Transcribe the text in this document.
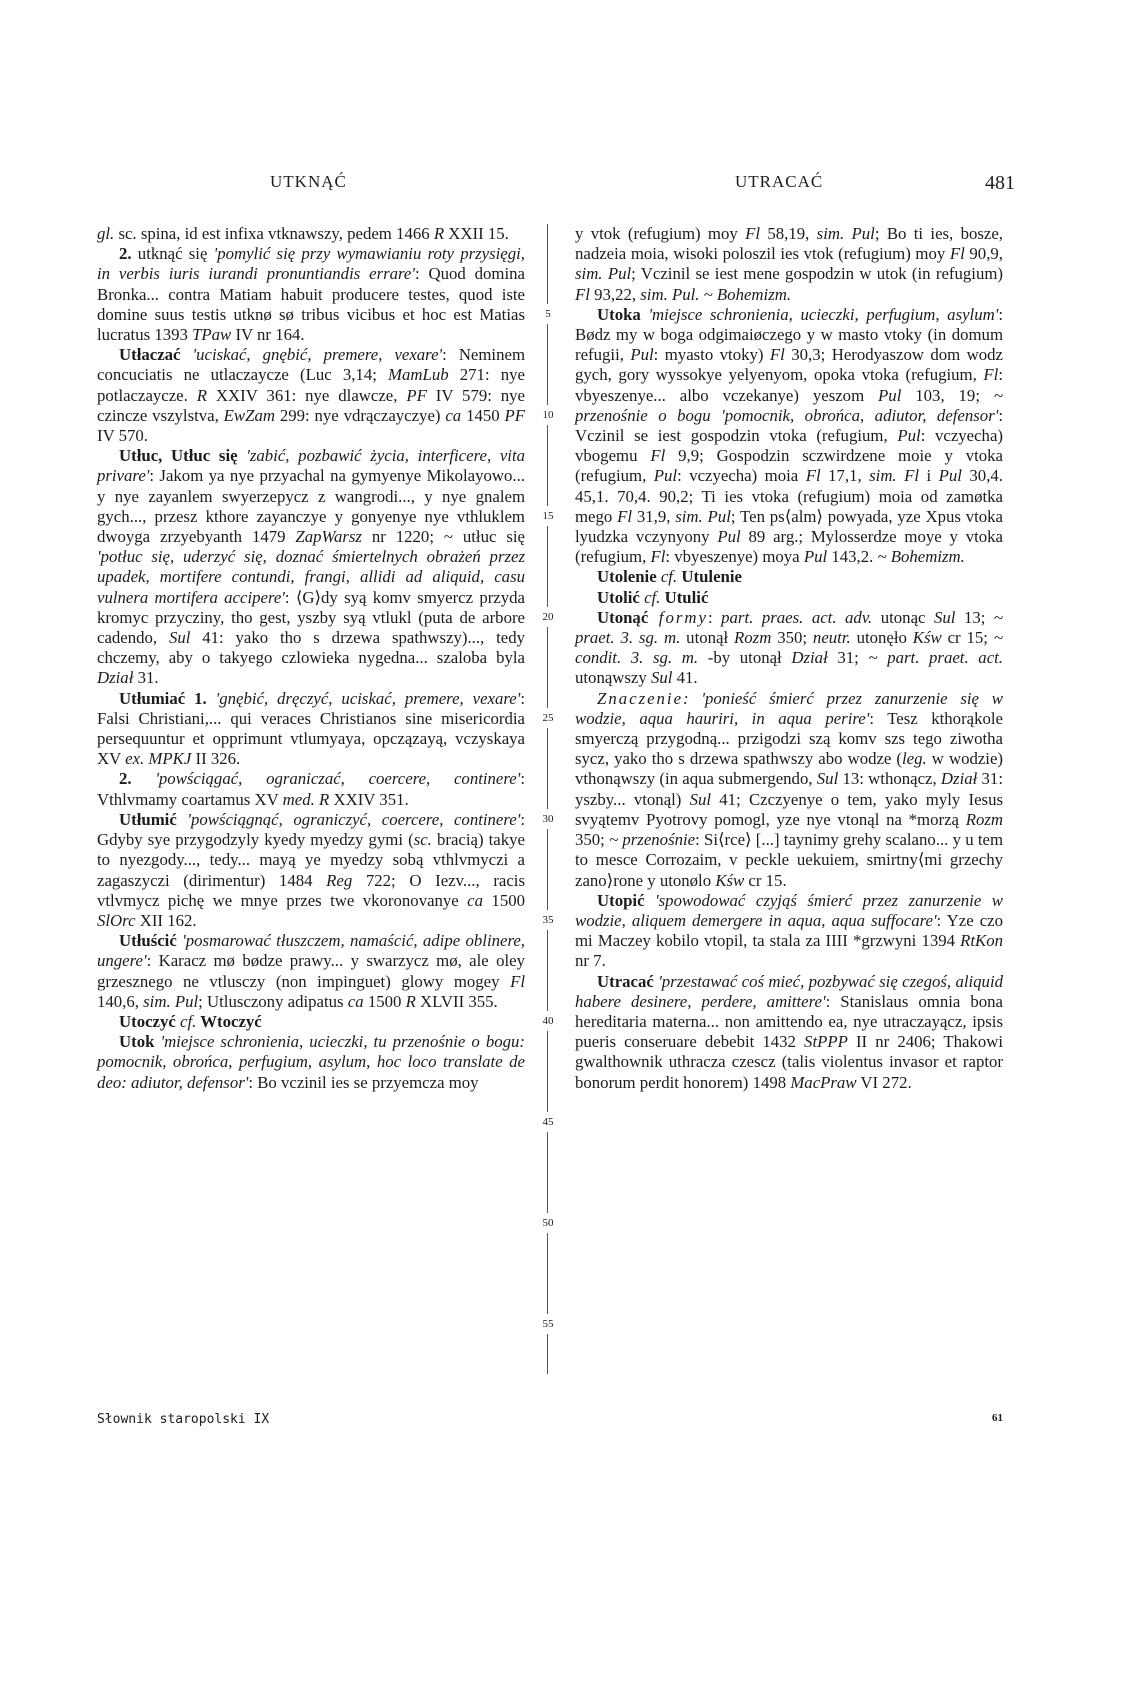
UTKNĄĆ	UTRACAĆ	481

gl. sc. spina, id est infixa vtknawszy, pedem 1466 R XXII 15.

2. utknąć się 'pomylić się przy wymawianiu roty przysięgi, in verbis iuris iurandi pronuntiandis errare': Quod domina Bronka... contra Matiam habuit producere testes, quod iste domine suus testis utknø sø tribus vicibus et hoc est Matias lucratus 1393 TPaw IV nr 164.

Utłaczać 'uciskać, gnębić, premere, vexare': Neminem concuciatis ne utlaczaycze (Luc 3,14; MamLub 271: nye potlaczaycze. R XXIV 361: nye dlawcze, PF IV 579: nye czincze vszylstva, EwZam 299: nye vdrączayczye) ca 1450 PF IV 570.

Utłuc, Utłuc się 'zabić, pozbawić życia, interficere, vita privare': Jakom ya nye przyachal na gymyenye Mikolayowo... y nye zayanlem swyerzepycz z wangrodi..., y nye gnalem gych..., przesz kthore zayanczye y gonyenye nye vthluklem dwoyga zrzyebyanth 1479 ZapWarsz nr 1220; ~ utłuc się 'potłuc się, uderzyć się, doznać śmiertelnych obrażeń przez upadek, mortifere contundi, frangi, allidi ad aliquid, casu vulnera mortifera accipere': ⟨G⟩dy syą komv smyercz przyda kromyc przycziny, tho gest, yszby syą vtlukl (puta de arbore cadendo, Sul 41: yako tho s drzewa spathwszy)..., tedy chczemy, aby o takyego czlowieka nygedna... szaloba byla Dział 31.

Utłumiać 1. 'gnębić, dręczyć, uciskać, premere, vexare': Falsi Christiani,... qui veraces Christianos sine misericordia persequuntur et opprimunt vtlumyaya, opczązayą, vczyskaya XV ex. MPKJ II 326.

2. 'powściągać, ograniczać, coercere, continere': Vthlvmamy coartamus XV med. R XXIV 351.

Utłumić 'powściągnąć, ograniczyć, coercere, continere': Gdyby sye przygodzyly kyedy myedzy gymi (sc. bracią) takye to nyezgody..., tedy... mayą ye myedzy sobą vthlvmyczi a zagaszyczi (dirimentur) 1484 Reg 722; O Iezv..., racis vtlvmycz pichę we mnye przes twe vkoronovanye ca 1500 SlOrc XII 162.

Utłuścić 'posmarować tłuszczem, namaścić, adipe oblinere, ungere': Karacz mø bødze prawy... y swarzycz mø, ale oley grzesznego ne vtlusczy (non impinguet) glowy mogey Fl 140,6, sim. Pul; Utlusczony adipatus ca 1500 R XLVII 355.

Utoczyć cf. Wtoczyć

Utok 'miejsce schronienia, ucieczki, tu przenośnie o bogu: pomocnik, obrońca, perfugium, asylum, hoc loco translate de deo: adiutor, defensor': Bo vczinil ies se przyemcza moy

5
10
15
20
25
30
35
40
45
50
55

y vtok (refugium) moy Fl 58,19, sim. Pul; Bo ti ies, bosze, nadzeia moia, wisoki poloszil ies vtok (refugium) moy Fl 90,9, sim. Pul; Vczinil se iest mene gospodzin w utok (in refugium) Fl 93,22, sim. Pul. ~ Bohemizm.

Utoka 'miejsce schronienia, ucieczki, perfugium, asylum': Bødz my w boga odgimaiøczego y w masto vtoky (in domum refugii, Pul: myasto vtoky) Fl 30,3; Herodyaszow dom wodz gych, gory wyssokye yelyenyom, opoka vtoka (refugium, Fl: vbyeszenye... albo vczekanye) yeszom Pul 103, 19; ~ przenośnie o bogu 'pomocnik, obrońca, adiutor, defensor': Vczinil se iest gospodzin vtoka (refugium, Pul: vczyecha) vbogemu Fl 9,9; Gospodzin sczwirdzene moie y vtoka (refugium, Pul: vczyecha) moia Fl 17,1, sim. Fl i Pul 30,4. 45,1. 70,4. 90,2; Ti ies vtoka (refugium) moia od zamøtka mego Fl 31,9, sim. Pul; Ten ps⟨alm⟩ powyada, yze Xpus vtoka lyudzka vczynyony Pul 89 arg.; Mylosserdze moye y vtoka (refugium, Fl: vbyeszenye) moya Pul 143,2. ~ Bohemizm.

Utolenie cf. Utulenie

Utolić cf. Utulić

Utonąć formy: part. praes. act. adv. utonąc Sul 13; ~ praet. 3. sg. m. utonął Rozm 350; neutr. utonęło Kśw cr 15; ~ condit. 3. sg. m. -by utonął Dział 31; ~ part. praet. act. utonąwszy Sul 41.

Znaczenie: 'ponieść śmierć przez zanurzenie się w wodzie, aqua hauriri, in aqua perire': Tesz kthorąkole smyerczą przygodną... przigodzi szą komv szs tego ziwotha sycz, yako tho s drzewa spathwszy abo wodze (leg. w wodzie) vthonąwszy (in aqua submergendo, Sul 13: wthonącz, Dział 31: yszby... vtonąl) Sul 41; Czczyenye o tem, yako myly Iesus svyątemv Pyotrovy pomogl, yze nye vtonąl na *morzą Rozm 350; ~ przenośnie: Si⟨rce⟩ [...] taynimy grehy scalano... y u tem to mesce Corrozaim, v peckle uekuiem, smirtny⟨mi grzechy zano⟩rone y utonølo Kśw cr 15.

Utopić 'spowodować czyjąś śmierć przez zanurzenie w wodzie, aliquem demergere in aqua, aqua suffocare': Yze czo mi Maczey kobilo vtopil, ta stala za IIII *grzwyni 1394 RtKon nr 7.

Utracać 'przestawać coś mieć, pozbywać się czegoś, aliquid habere desinere, perdere, amittere': Stanislaus omnia bona hereditaria materna... non amittendo ea, nye utraczayącz, ipsis pueris conseruare debebit 1432 StPPP II nr 2406; Thakowi gwalthownik uthracza czescz (talis violentus invasor et raptor bonorum perdit honorem) 1498 MacPraw VI 272.

Słownik staropolski IX	61
